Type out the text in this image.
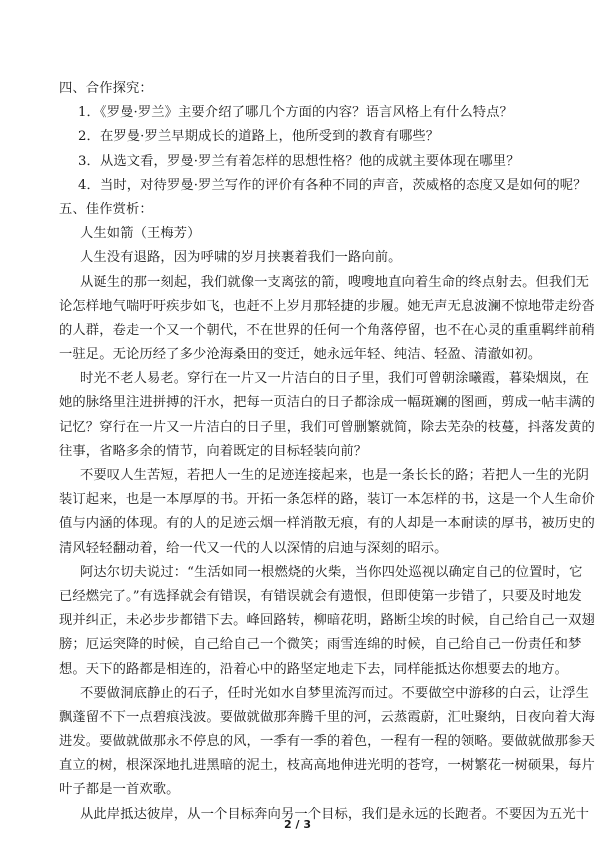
四、合作探究：
1．《罗曼·罗兰》主要介绍了哪几个方面的内容？语言风格上有什么特点？
2．在罗曼·罗兰早期成长的道路上，他所受到的教育有哪些？
3．从选文看，罗曼·罗兰有着怎样的思想性格？他的成就主要体现在哪里？
4．当时，对待罗曼·罗兰写作的评价有各种不同的声音，茨威格的态度又是如何的呢？
五、佳作赏析：
人生如箭（王梅芳）
人生没有退路，因为呼啸的岁月挟裹着我们一路向前。
从诞生的那一刻起，我们就像一支离弦的箭，嗖嗖地直向着生命的终点射去。但我们无
论怎样地气喘吁吁疾步如飞，也赶不上岁月那轻捷的步履。她无声无息波澜不惊地带走纷沓
的人群，卷走一个又一个朝代，不在世界的任何一个角落停留，也不在心灵的重重羁绊前稍
一驻足。无论历经了多少沧海桑田的变迁，她永远年轻、纯洁、轻盈、清澈如初。
时光不老人易老。穿行在一片又一片洁白的日子里，我们可曾朝涂曦霞，暮染烟岚，在
她的脉络里注进拼搏的汗水，把每一页洁白的日子都涂成一幅斑斓的图画，剪成一帖丰满的
记忆？穿行在一片又一片洁白的日子里，我们可曾删繁就简，除去芜杂的枝蔓，抖落发黄的
往事，省略多余的情节，向着既定的目标轻装向前？
不要叹人生苦短，若把人一生的足迹连接起来，也是一条长长的路；若把人一生的光阴
装订起来，也是一本厚厚的书。开拓一条怎样的路，装订一本怎样的书，这是一个人生命价
值与内涵的体现。有的人的足迹云烟一样消散无痕，有的人却是一本耐读的厚书，被历史的
清风轻轻翻动着，给一代又一代的人以深情的启迪与深刻的昭示。
阿达尔切夫说过：“生活如同一根燃烧的火柴，当你四处巡视以确定自己的位置时，它
已经燃完了。”有选择就会有错误，有错误就会有遗恨，但即使第一步错了，只要及时地发
现并纠正，未必步步都错下去。峰回路转，柳暗花明，路断尘埃的时候，自己给自己一双翅
膀；厄运突降的时候，自己给自己一个微笑；雨雪连绵的时候，自己给自己一份责任和梦
想。天下的路都是相连的，沿着心中的路坚定地走下去，同样能抵达你想要去的地方。
不要做洞底静止的石子，任时光如水自梦里流泻而过。不要做空中游移的白云，让浮生
飘蓬留不下一点碧痕浅波。要做就做那奔腾千里的河，云蒸霞蔚，汇吐聚纳，日夜向着大海
进发。要做就做那永不停息的风，一季有一季的着色，一程有一程的领略。要做就做那参天
直立的树，根深深地扎进黑暗的泥土，枝高高地伸进光明的苍穹，一树繁花一树硕果，每片
叶子都是一首欢歌。
从此岸抵达彼岸，从一个目标奔向另一个目标，我们是永远的长跑者。不要因为五光十
2 / 3
